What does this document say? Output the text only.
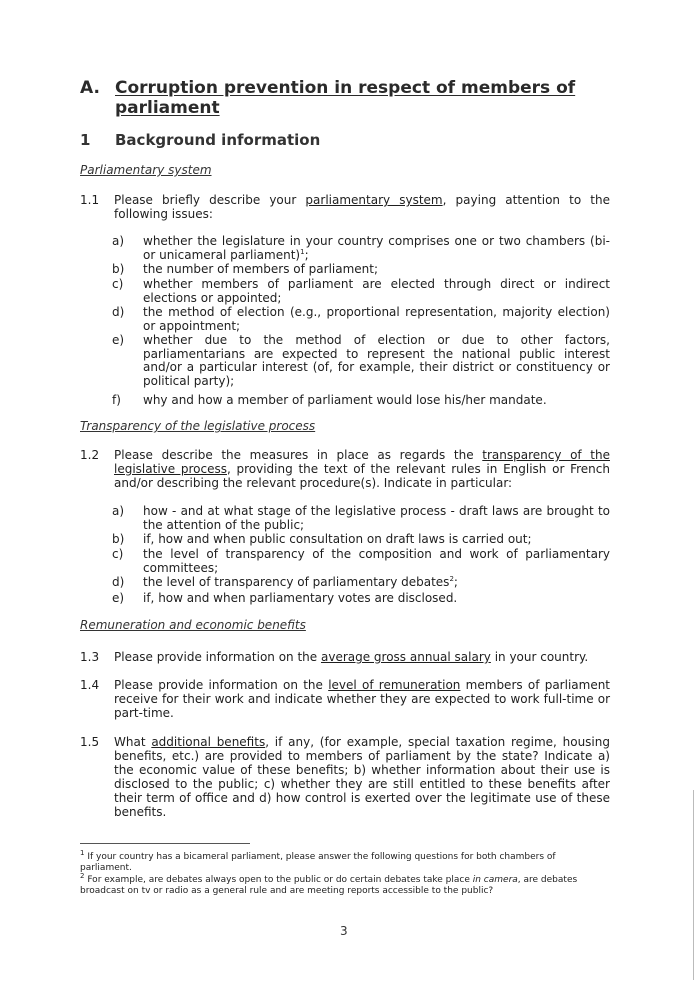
A. Corruption prevention in respect of members of parliament
1 Background information
Parliamentary system
1.1 Please briefly describe your parliamentary system, paying attention to the following issues:
a) whether the legislature in your country comprises one or two chambers (bi- or unicameral parliament)$^1$;
b) the number of members of parliament;
c) whether members of parliament are elected through direct or indirect elections or appointed;
d) the method of election (e.g., proportional representation, majority election) or appointment;
e) whether due to the method of election or due to other factors, parliamentarians are expected to represent the national public interest and/or a particular interest (of, for example, their district or constituency or political party);
f) why and how a member of parliament would lose his/her mandate.
Transparency of the legislative process
1.2 Please describe the measures in place as regards the transparency of the legislative process, providing the text of the relevant rules in English or French and/or describing the relevant procedure(s). Indicate in particular:
a) how - and at what stage of the legislative process - draft laws are brought to the attention of the public;
b) if, how and when public consultation on draft laws is carried out;
c) the level of transparency of the composition and work of parliamentary committees;
d) the level of transparency of parliamentary debates$^2$;
e) if, how and when parliamentary votes are disclosed.
Remuneration and economic benefits
1.3 Please provide information on the average gross annual salary in your country.
1.4 Please provide information on the level of remuneration members of parliament receive for their work and indicate whether they are expected to work full-time or part-time.
1.5 What additional benefits, if any, (for example, special taxation regime, housing benefits, etc.) are provided to members of parliament by the state? Indicate a) the economic value of these benefits; b) whether information about their use is disclosed to the public; c) whether they are still entitled to these benefits after their term of office and d) how control is exerted over the legitimate use of these benefits.
$^1$ If your country has a bicameral parliament, please answer the following questions for both chambers of parliament.
$^2$ For example, are debates always open to the public or do certain debates take place in camera, are debates broadcast on tv or radio as a general rule and are meeting reports accessible to the public?
3
